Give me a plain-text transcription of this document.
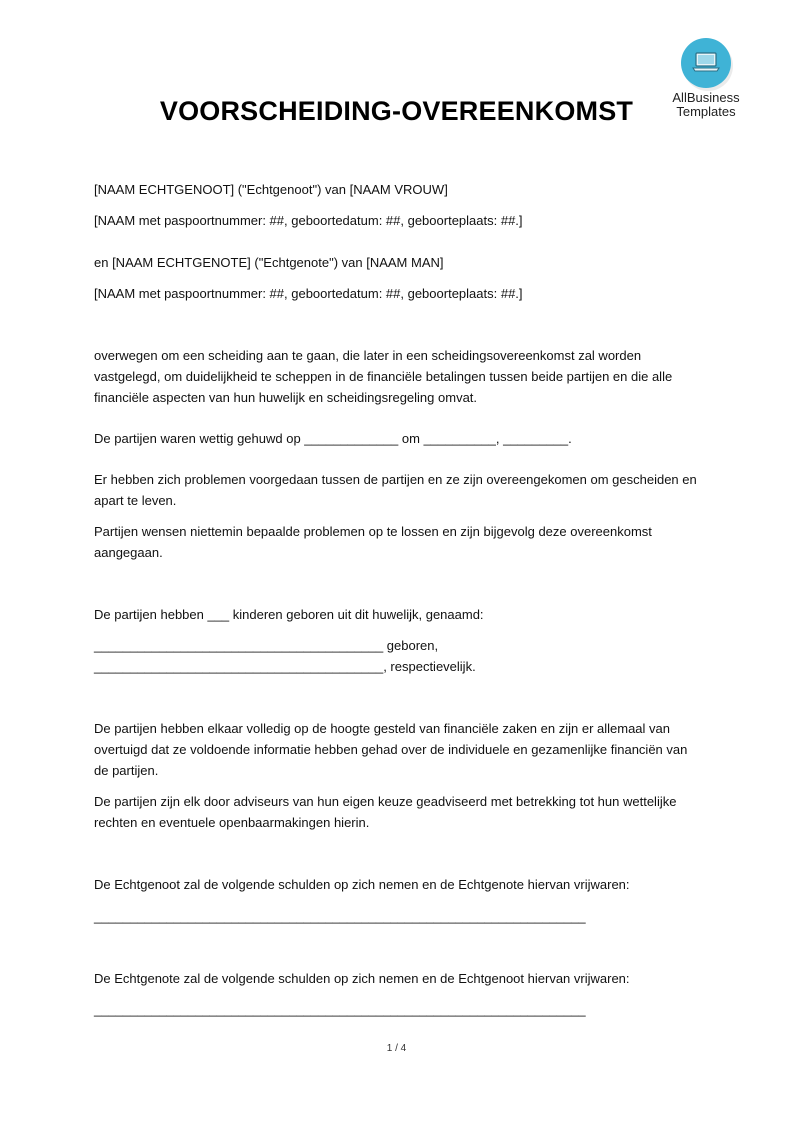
AllBusiness
Templates
VOORSCHEIDING-OVEREENKOMST

[NAAM ECHTGENOOT] ("Echtgenoot") van [NAAM VROUW]

[NAAM met paspoortnummer: ##, geboortedatum: ##, geboorteplaats: ##.]

en [NAAM ECHTGENOTE] ("Echtgenote") van [NAAM MAN]

[NAAM met paspoortnummer: ##, geboortedatum: ##, geboorteplaats: ##.]

overwegen om een scheiding aan te gaan, die later in een scheidingsovereenkomst zal worden vastgelegd, om duidelijkheid te scheppen in de financiële betalingen tussen beide partijen en die alle financiële aspecten van hun huwelijk en scheidingsregeling omvat.

De partijen waren wettig gehuwd op _____________ om __________, _________.

Er hebben zich problemen voorgedaan tussen de partijen en ze zijn overeengekomen om gescheiden en apart te leven.

Partijen wensen niettemin bepaalde problemen op te lossen en zijn bijgevolg deze overeenkomst aangegaan.

De partijen hebben ___ kinderen geboren uit dit huwelijk, genaamd:

________________________________________ geboren,

________________________________________, respectievelijk.

De partijen hebben elkaar volledig op de hoogte gesteld van financiële zaken en zijn er allemaal van overtuigd dat ze voldoende informatie hebben gehad over de individuele en gezamenlijke financiën van de partijen.

De partijen zijn elk door adviseurs van hun eigen keuze geadviseerd met betrekking tot hun wettelijke rechten en eventuele openbaarmakingen hierin.

De Echtgenoot zal de volgende schulden op zich nemen en de Echtgenote hiervan vrijwaren:

____________________________________________________________________

De Echtgenote zal de volgende schulden op zich nemen en de Echtgenoot hiervan vrijwaren:

____________________________________________________________________

1 / 4
